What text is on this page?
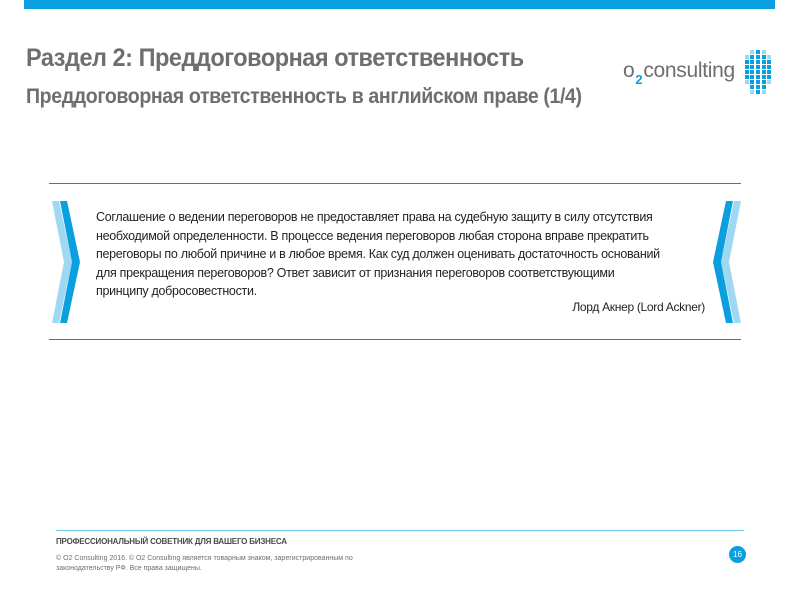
Раздел 2: Преддоговорная ответственность
Преддоговорная ответственность в английском праве (1/4)
$o_2consulting$
Соглашение о ведении переговоров не предоставляет права на судебную защиту в силу отсутствия необходимой определенности. В процессе ведения переговоров любая сторона вправе прекратить переговоры по любой причине и в любое время. Как суд должен оценивать достаточность оснований для прекращения переговоров? Ответ зависит от признания переговоров соответствующими принципу добросовестности.
Лорд Акнер (Lord Ackner)
ПРОФЕССИОНАЛЬНЫЙ СОВЕТНИК ДЛЯ ВАШЕГО БИЗНЕСА
© O2 Consulting 2016. © O2 Consulting является товарным знаком, зарегистрированным по законодательству РФ. Все права защищены.
16
